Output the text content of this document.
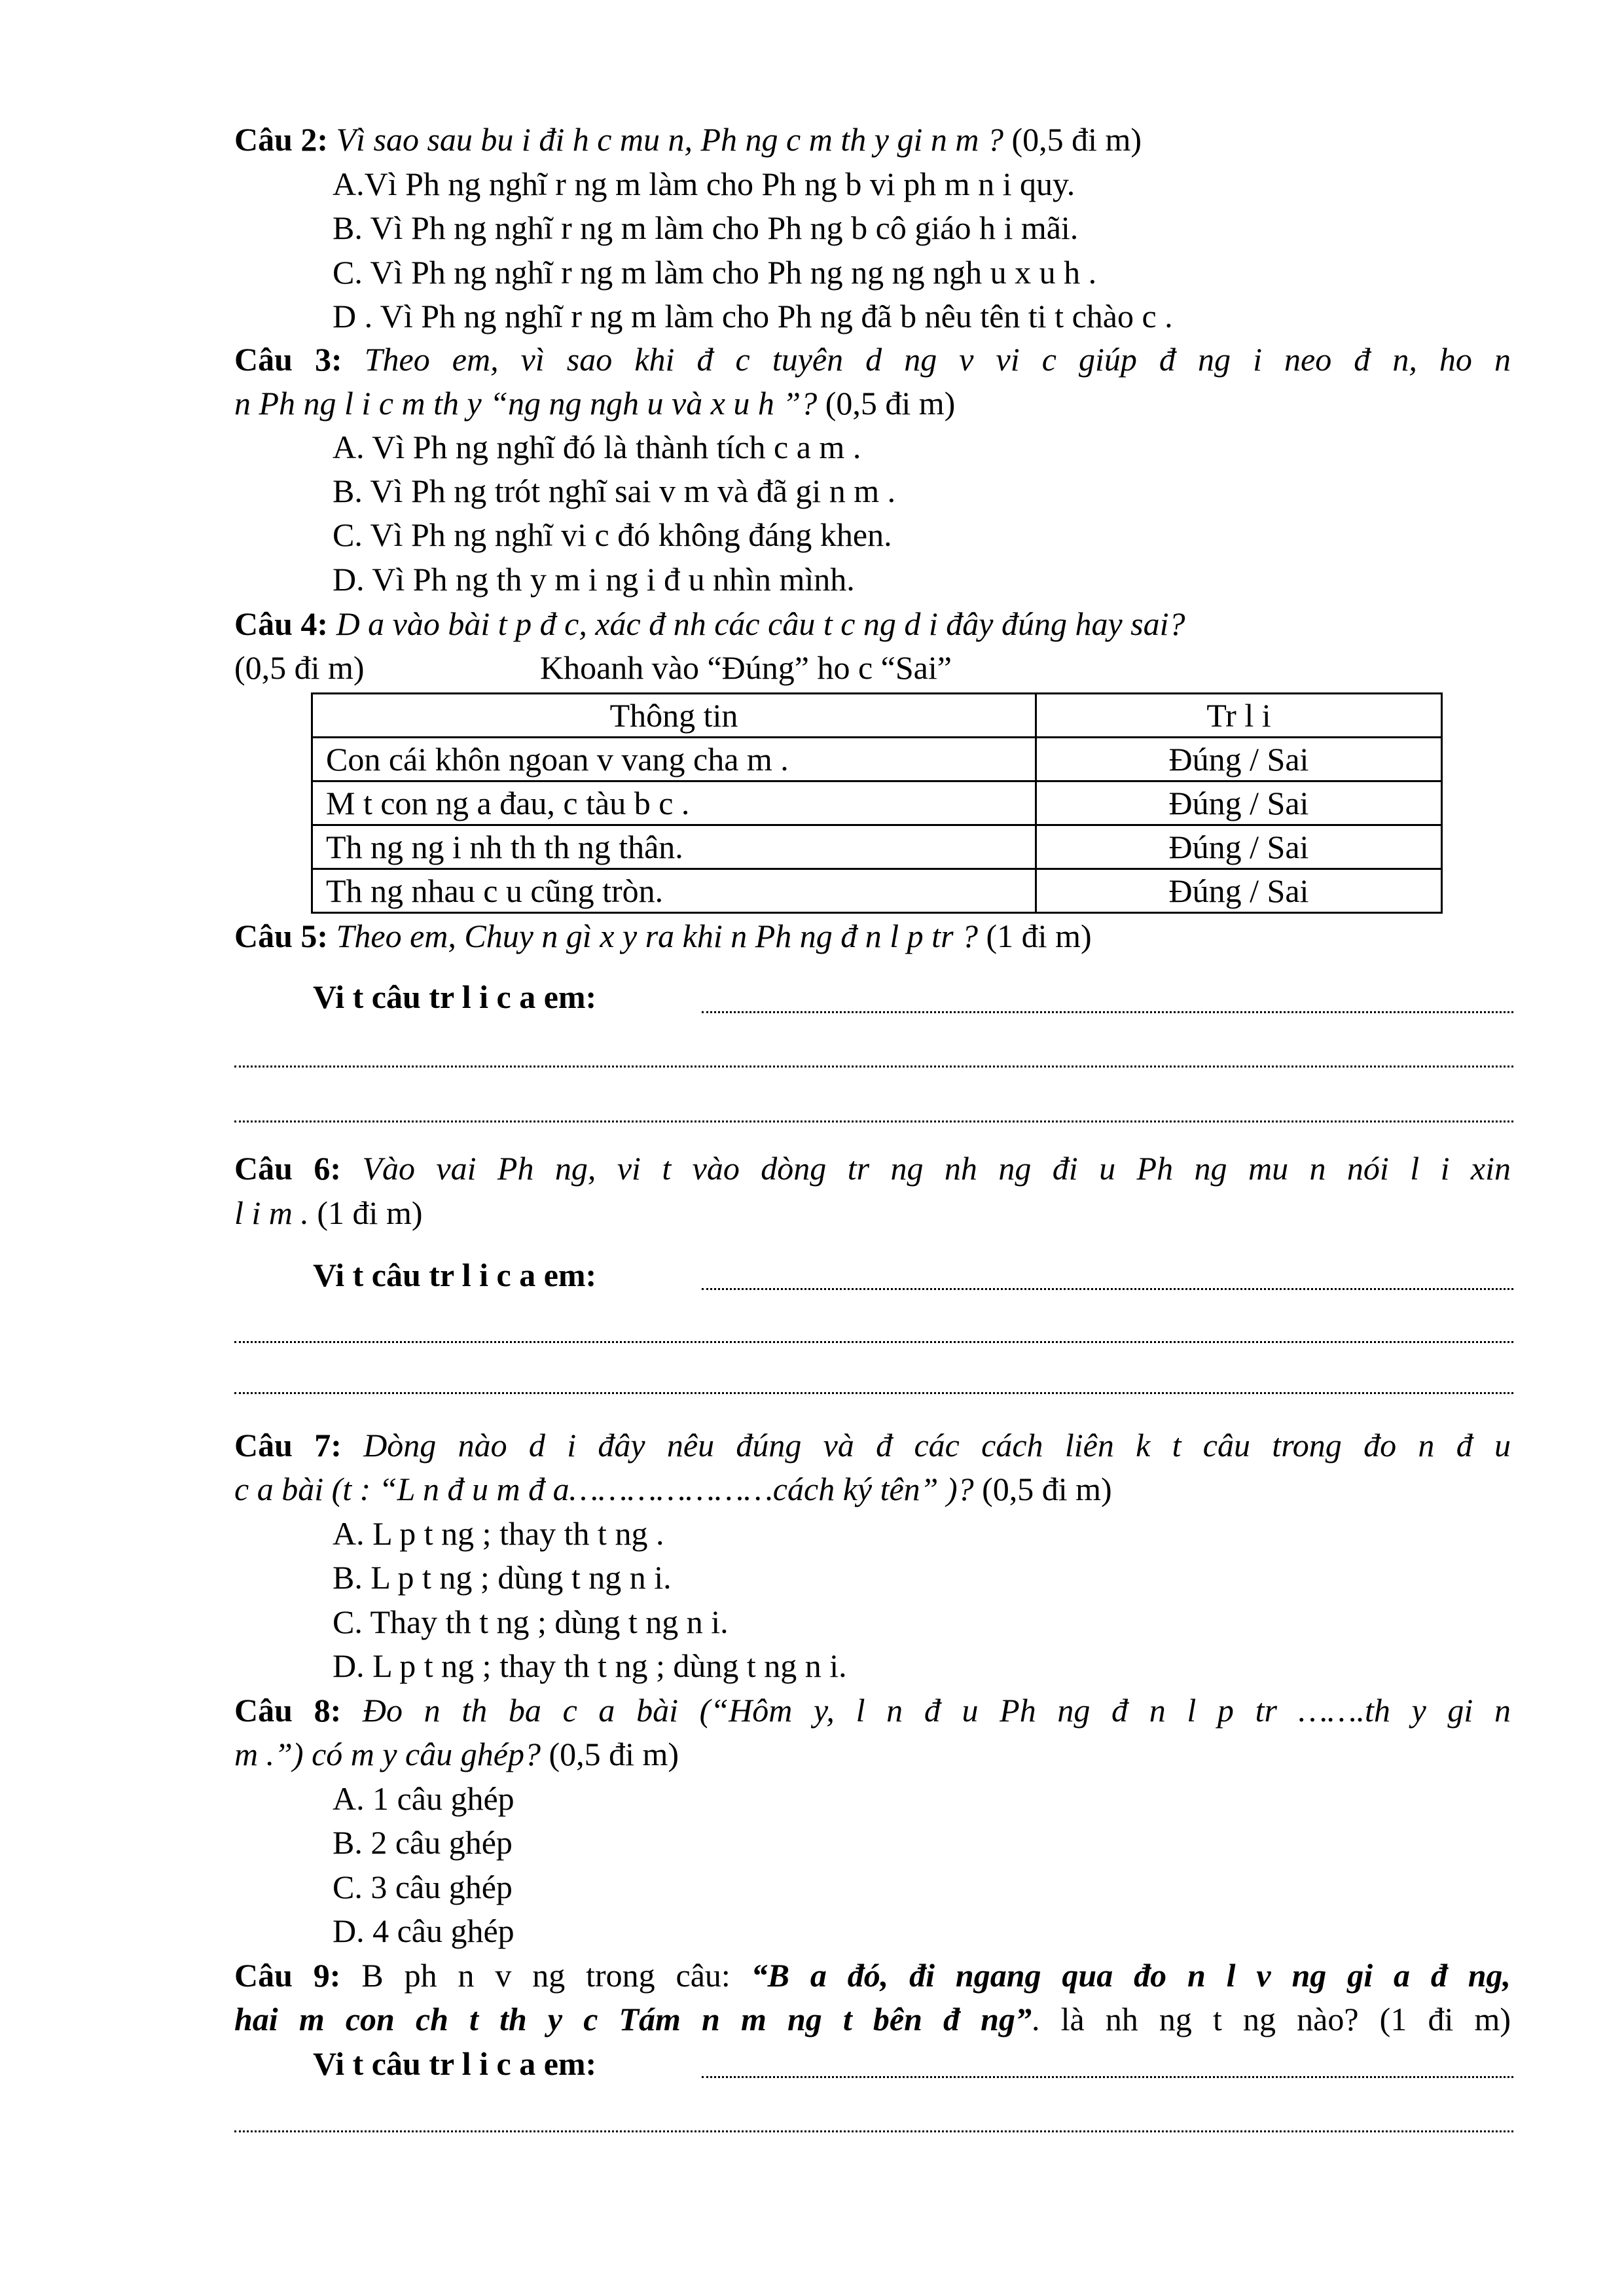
Câu 2: Vì sao sau bu i đi h c mu n, Ph ng c m th y gi n m ? (0,5 đi m)
A.Vì Ph ng nghĩ r ng m làm cho Ph ng b vi ph m n i quy.
B. Vì Ph ng nghĩ r ng m làm cho Ph ng b cô giáo h i mãi.
C. Vì Ph ng nghĩ r ng m làm cho Ph ng ng ng ngh u x u h .
D . Vì Ph ng nghĩ r ng m làm cho Ph ng đã b nêu tên ti t chào c .
Câu 3: Theo em, vì sao khi đ c tuyên d ng v vi c giúp đ ng i neo đ n, ho n
n Ph ng l i c m th y “ng ng ngh u và x u h ”? (0,5 đi m)
A. Vì Ph ng nghĩ đó là thành tích c a m .
B. Vì Ph ng trót nghĩ sai v m và đã gi n m .
C. Vì Ph ng nghĩ vi c đó không đáng khen.
D. Vì Ph ng th y m i ng i đ u nhìn mình.
Câu 4: D a vào bài t p đ c, xác đ nh các câu t c ng d i đây đúng hay sai?
(0,5 đi m)	Khoanh vào “Đúng” ho c “Sai”
Thông tin	Tr l i
Con cái khôn ngoan v vang cha m .	Đúng / Sai
M t con ng a đau, c tàu b c .	Đúng / Sai
Th ng ng i nh th th ng thân.	Đúng / Sai
Th ng nhau c u cũng tròn.	Đúng / Sai
Câu 5: Theo em, Chuy n gì x y ra khi n Ph ng đ n l p tr ? (1 đi m)
Vi t câu tr l i c a em:
Câu 6: Vào vai Ph ng, vi t vào dòng tr ng nh ng đi u Ph ng mu n nói l i xin
l i m . (1 đi m)
Vi t câu tr l i c a em:
Câu 7: Dòng nào d i đây nêu đúng và đ các cách liên k t câu trong đo n đ u
c a bài (t : “L n đ u m đ a…………………cách ký tên” )? (0,5 đi m)
A. L p t ng ; thay th t ng .
B. L p t ng ; dùng t ng n i.
C. Thay th t ng ; dùng t ng n i.
D. L p t ng ; thay th t ng ; dùng t ng n i.
Câu 8: Đo n th ba c a bài (“Hôm y, l n đ u Ph ng đ n l p tr …….th y gi n
m .”) có m y câu ghép? (0,5 đi m)
A. 1 câu ghép
B. 2 câu ghép
C. 3 câu ghép
D. 4 câu ghép
Câu 9: B ph n v ng trong câu: “B a đó, đi ngang qua đo n l v ng gi a đ ng,
hai m con ch t th y c Tám n m ng t bên đ ng”. là nh ng t ng nào? (1 đi m)
Vi t câu tr l i c a em:
